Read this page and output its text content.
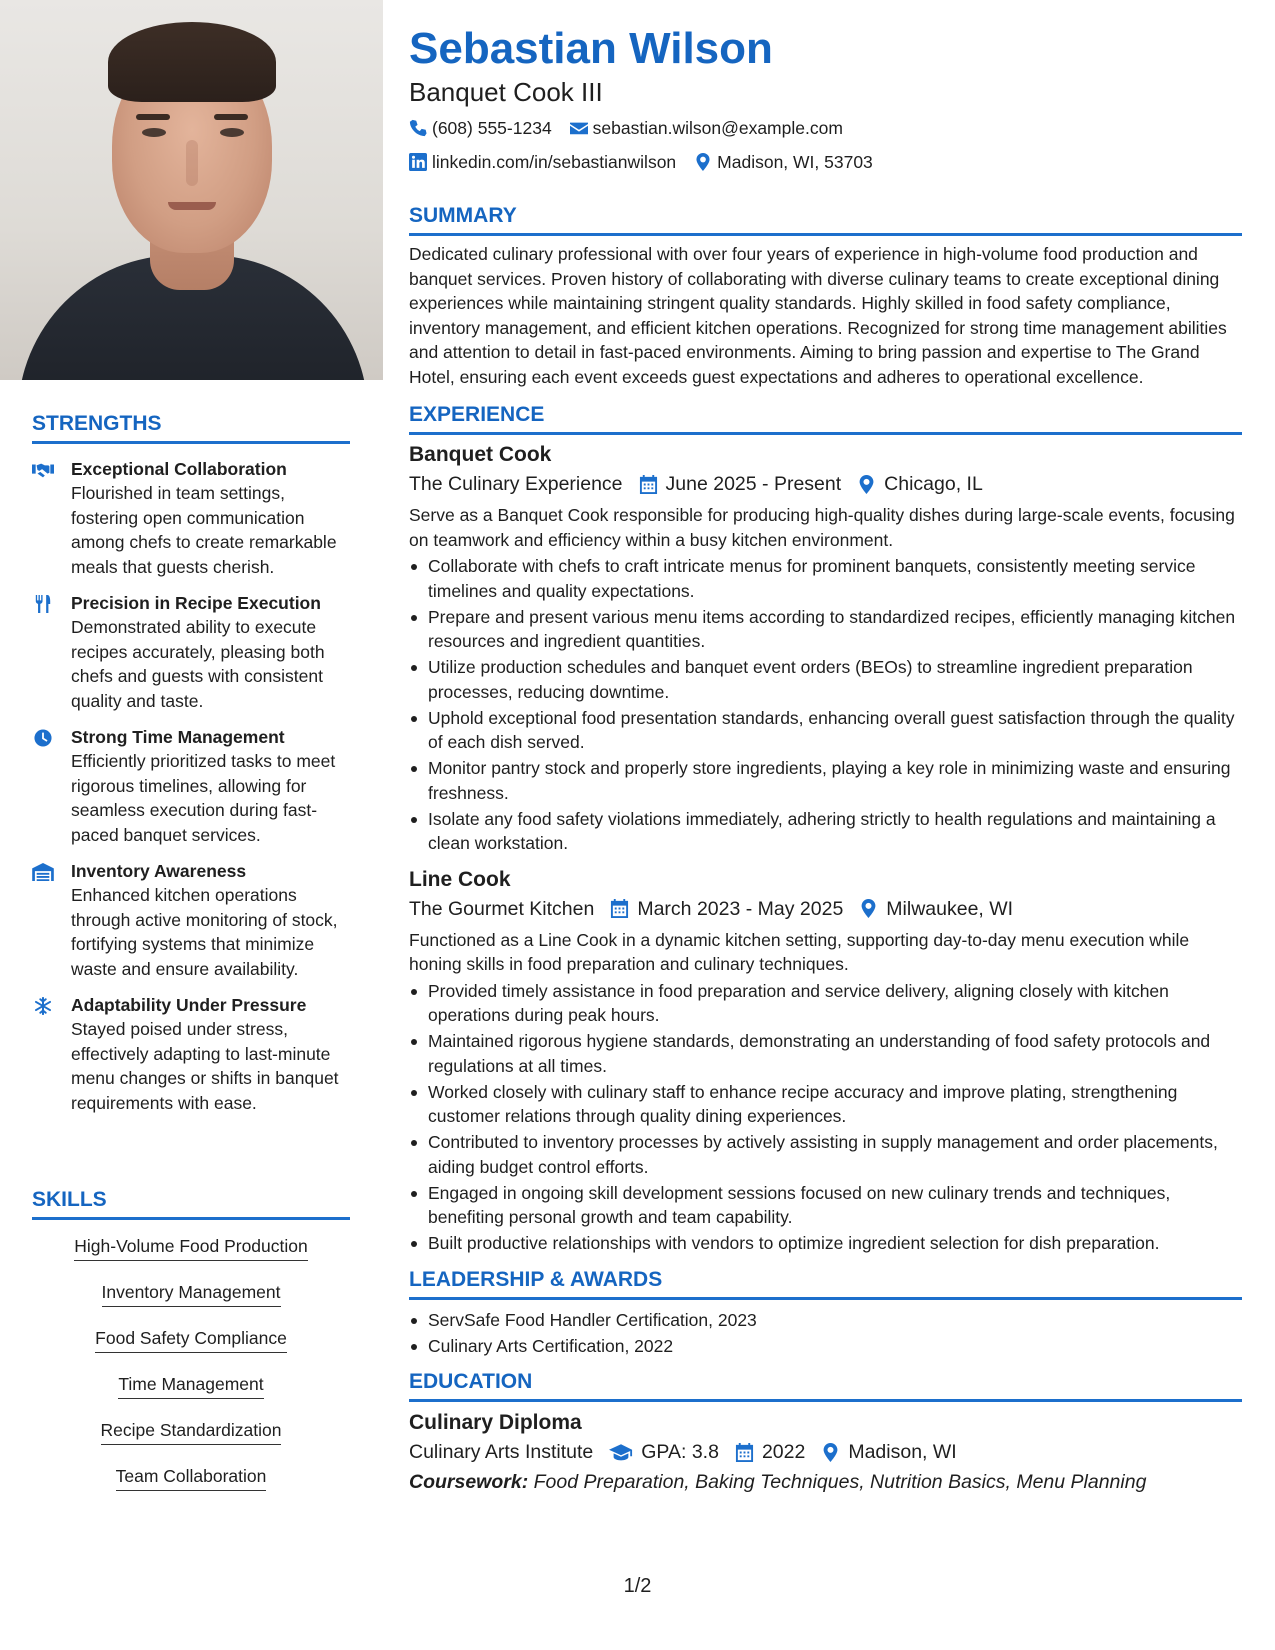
STRENGTHS
Exceptional Collaboration
Flourished in team settings, fostering open communication among chefs to create remarkable meals that guests cherish.
Precision in Recipe Execution
Demonstrated ability to execute recipes accurately, pleasing both chefs and guests with consistent quality and taste.
Strong Time Management
Efficiently prioritized tasks to meet rigorous timelines, allowing for seamless execution during fast-paced banquet services.
Inventory Awareness
Enhanced kitchen operations through active monitoring of stock, fortifying systems that minimize waste and ensure availability.
Adaptability Under Pressure
Stayed poised under stress, effectively adapting to last-minute menu changes or shifts in banquet requirements with ease.
SKILLS
High-Volume Food Production
Inventory Management
Food Safety Compliance
Time Management
Recipe Standardization
Team Collaboration
Sebastian Wilson
Banquet Cook III
(608) 555-1234 sebastian.wilson@example.com
linkedin.com/in/sebastianwilson Madison, WI, 53703
SUMMARY
Dedicated culinary professional with over four years of experience in high-volume food production and banquet services. Proven history of collaborating with diverse culinary teams to create exceptional dining experiences while maintaining stringent quality standards. Highly skilled in food safety compliance, inventory management, and efficient kitchen operations. Recognized for strong time management abilities and attention to detail in fast-paced environments. Aiming to bring passion and expertise to The Grand Hotel, ensuring each event exceeds guest expectations and adheres to operational excellence.
EXPERIENCE
Banquet Cook
The Culinary Experience June 2025 - Present Chicago, IL
Serve as a Banquet Cook responsible for producing high-quality dishes during large-scale events, focusing on teamwork and efficiency within a busy kitchen environment.
Collaborate with chefs to craft intricate menus for prominent banquets, consistently meeting service timelines and quality expectations.
Prepare and present various menu items according to standardized recipes, efficiently managing kitchen resources and ingredient quantities.
Utilize production schedules and banquet event orders (BEOs) to streamline ingredient preparation processes, reducing downtime.
Uphold exceptional food presentation standards, enhancing overall guest satisfaction through the quality of each dish served.
Monitor pantry stock and properly store ingredients, playing a key role in minimizing waste and ensuring freshness.
Isolate any food safety violations immediately, adhering strictly to health regulations and maintaining a clean workstation.
Line Cook
The Gourmet Kitchen March 2023 - May 2025 Milwaukee, WI
Functioned as a Line Cook in a dynamic kitchen setting, supporting day-to-day menu execution while honing skills in food preparation and culinary techniques.
Provided timely assistance in food preparation and service delivery, aligning closely with kitchen operations during peak hours.
Maintained rigorous hygiene standards, demonstrating an understanding of food safety protocols and regulations at all times.
Worked closely with culinary staff to enhance recipe accuracy and improve plating, strengthening customer relations through quality dining experiences.
Contributed to inventory processes by actively assisting in supply management and order placements, aiding budget control efforts.
Engaged in ongoing skill development sessions focused on new culinary trends and techniques, benefiting personal growth and team capability.
Built productive relationships with vendors to optimize ingredient selection for dish preparation.
LEADERSHIP & AWARDS
ServSafe Food Handler Certification, 2023
Culinary Arts Certification, 2022
EDUCATION
Culinary Diploma
Culinary Arts Institute GPA: 3.8 2022 Madison, WI
Coursework: Food Preparation, Baking Techniques, Nutrition Basics, Menu Planning
1/2
